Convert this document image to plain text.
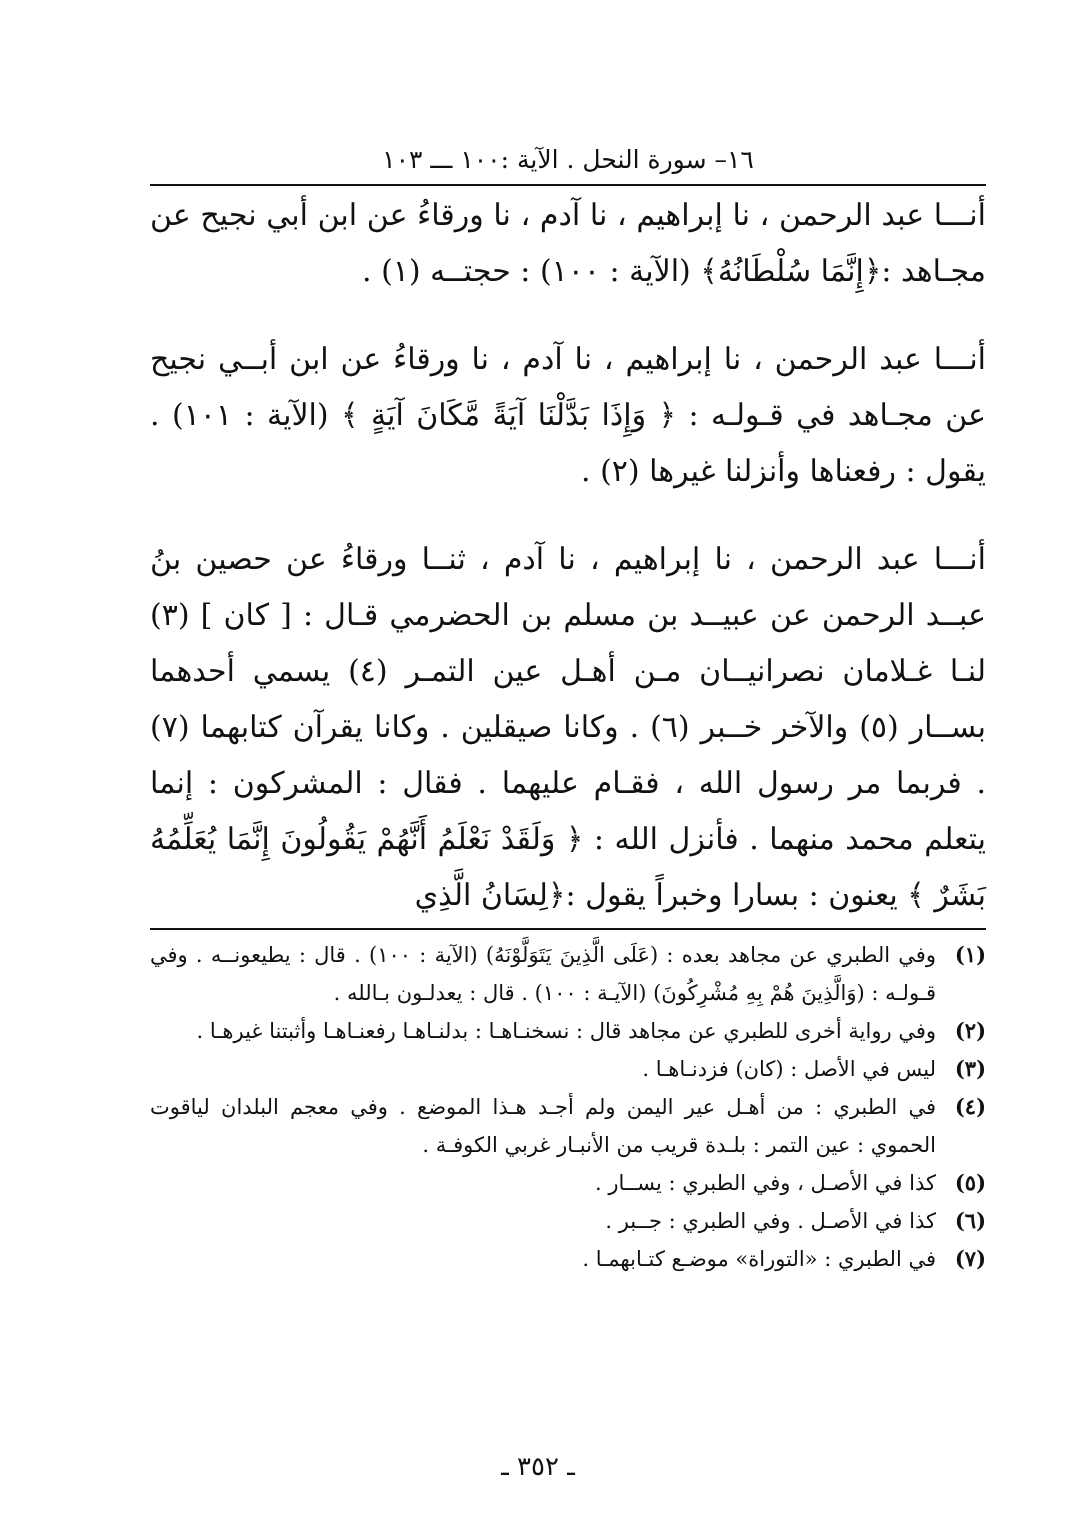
١٦– سورة النحل . الآية :١٠٠ ـــ ١٠٣

أنـــا عبد الرحمن ، نا إبراهيم ، نا آدم ، نا ورقاءُ عن ابن أبي نجيح عن مجـاهد :﴿إِنَّمَا سُلْطَانُهُ﴾ (الآية : ١٠٠) : حجتــه (١) .

أنـــا عبد الرحمن ، نا إبراهيم ، نا آدم ، نا ورقاءُ عن ابن أبــي نجيح عن مجـاهد في قـولـه : ﴿ وَإِذَا بَدَّلْنَا آيَةً مَّكَانَ آيَةٍ ﴾ (الآية : ١٠١) . يقول : رفعناها وأنزلنا غيرها (٢) .

أنـــا عبد الرحمن ، نا إبراهيم ، نا آدم ، ثنــا ورقاءُ عن حصين بنُ عبــد الرحمن عن عبيــد بن مسلم بن الحضرمي قـال : [ كان ] (٣) لنـا غـلامان نصرانيــان مـن أهـل عين التمـر (٤) يسمي أحدهما بســار (٥) والآخر خــبر (٦) . وكانا صيقلين . وكانا يقرآن كتابهما (٧) . فربما مر رسول الله ، فقـام عليهما . فقال : المشركون : إنما يتعلم محمد منهما . فأنزل الله : ﴿ وَلَقَدْ نَعْلَمُ أَنَّهُمْ يَقُولُونَ إِنَّمَا يُعَلِّمُهُ بَشَرٌ ﴾ يعنون : بسارا وخبراً يقول :﴿لِسَانُ الَّذِي

(١)
وفي الطبري عن مجاهد بعده : (عَلَى الَّذِينَ يَتَوَلَّوْنَهُ) (الآية : ١٠٠) . قال : يطيعونــه . وفي قـولـه : (وَالَّذِينَ هُمْ بِهِ مُشْرِكُونَ) (الآيـة : ١٠٠) . قال : يعدلـون بـالله .
(٢)
وفي رواية أخرى للطبري عن مجاهد قال : نسخنـاهـا : بدلنـاهـا رفعنـاهـا وأثبتنا غيرهـا .
(٣)
ليس في الأصل : (كان) فزدنـاهـا .
(٤)
في الطبري : من أهـل عير اليمن ولم أجـد هـذا الموضع . وفي معجم البلدان لياقوت الحموي : عين التمر : بلـدة قريب من الأنبـار غربي الكوفـة .
(٥)
كذا في الأصـل ، وفي الطبري : يســار .
(٦)
كذا في الأصـل . وفي الطبري : جــبر .
(٧)
في الطبري : «التوراة» موضـع كتـابهمـا .
ـ ٣٥٢ ـ
